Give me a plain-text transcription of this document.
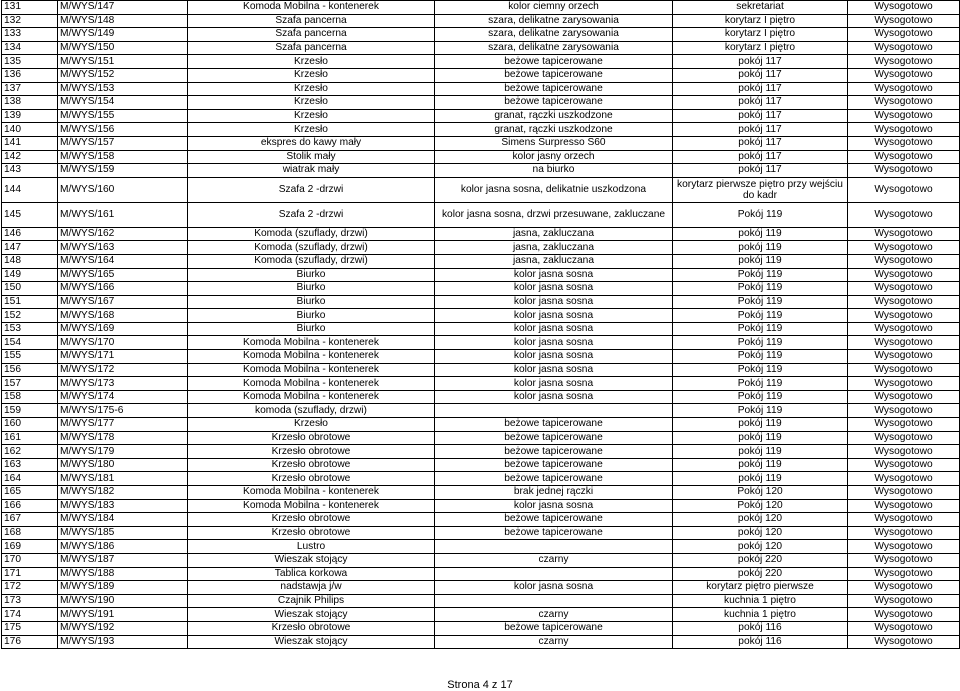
131	M/WYS/147	Komoda Mobilna - kontenerek	kolor ciemny orzech	sekretariat	Wysogotowo
132	M/WYS/148	Szafa pancerna	szara, delikatne zarysowania	korytarz I piętro	Wysogotowo
133	M/WYS/149	Szafa pancerna	szara, delikatne zarysowania	korytarz I piętro	Wysogotowo
134	M/WYS/150	Szafa pancerna	szara, delikatne zarysowania	korytarz I piętro	Wysogotowo
135	M/WYS/151	Krzesło	beżowe tapicerowane	pokój 117	Wysogotowo
136	M/WYS/152	Krzesło	beżowe tapicerowane	pokój 117	Wysogotowo
137	M/WYS/153	Krzesło	beżowe tapicerowane	pokój 117	Wysogotowo
138	M/WYS/154	Krzesło	beżowe tapicerowane	pokój 117	Wysogotowo
139	M/WYS/155	Krzesło	granat, rączki uszkodzone	pokój 117	Wysogotowo
140	M/WYS/156	Krzesło	granat, rączki uszkodzone	pokój 117	Wysogotowo
141	M/WYS/157	ekspres do kawy mały	Simens Surpresso S60	pokój 117	Wysogotowo
142	M/WYS/158	Stolik mały	kolor jasny orzech	pokój 117	Wysogotowo
143	M/WYS/159	wiatrak mały	na biurko	pokój 117	Wysogotowo
144	M/WYS/160	Szafa 2 -drzwi	kolor jasna sosna, delikatnie uszkodzona	korytarz pierwsze piętro przy wejściu do kadr	Wysogotowo
145	M/WYS/161	Szafa 2 -drzwi	kolor jasna sosna, drzwi przesuwane, zakluczane	Pokój 119	Wysogotowo
146	M/WYS/162	Komoda (szuflady, drzwi)	jasna, zakluczana	pokój 119	Wysogotowo
147	M/WYS/163	Komoda (szuflady, drzwi)	jasna, zakluczana	pokój 119	Wysogotowo
148	M/WYS/164	Komoda (szuflady, drzwi)	jasna, zakluczana	pokój 119	Wysogotowo
149	M/WYS/165	Biurko	kolor jasna sosna	Pokój 119	Wysogotowo
150	M/WYS/166	Biurko	kolor jasna sosna	Pokój 119	Wysogotowo
151	M/WYS/167	Biurko	kolor jasna sosna	Pokój 119	Wysogotowo
152	M/WYS/168	Biurko	kolor jasna sosna	Pokój 119	Wysogotowo
153	M/WYS/169	Biurko	kolor jasna sosna	Pokój 119	Wysogotowo
154	M/WYS/170	Komoda Mobilna - kontenerek	kolor jasna sosna	Pokój 119	Wysogotowo
155	M/WYS/171	Komoda Mobilna - kontenerek	kolor jasna sosna	Pokój 119	Wysogotowo
156	M/WYS/172	Komoda Mobilna - kontenerek	kolor jasna sosna	Pokój 119	Wysogotowo
157	M/WYS/173	Komoda Mobilna - kontenerek	kolor jasna sosna	Pokój 119	Wysogotowo
158	M/WYS/174	Komoda Mobilna - kontenerek	kolor jasna sosna	Pokój 119	Wysogotowo
159	M/WYS/175-6	komoda (szuflady, drzwi)		Pokój 119	Wysogotowo
160	M/WYS/177	Krzesło	beżowe tapicerowane	pokój 119	Wysogotowo
161	M/WYS/178	Krzesło obrotowe	beżowe tapicerowane	pokój 119	Wysogotowo
162	M/WYS/179	Krzesło obrotowe	beżowe tapicerowane	pokój 119	Wysogotowo
163	M/WYS/180	Krzesło obrotowe	beżowe tapicerowane	pokój 119	Wysogotowo
164	M/WYS/181	Krzesło obrotowe	beżowe tapicerowane	pokój 119	Wysogotowo
165	M/WYS/182	Komoda Mobilna - kontenerek	brak jednej rączki	Pokój 120	Wysogotowo
166	M/WYS/183	Komoda Mobilna - kontenerek	kolor jasna sosna	Pokój 120	Wysogotowo
167	M/WYS/184	Krzesło obrotowe	beżowe tapicerowane	pokój 120	Wysogotowo
168	M/WYS/185	Krzesło obrotowe	beżowe tapicerowane	pokój 120	Wysogotowo
169	M/WYS/186	Lustro		pokój 120	Wysogotowo
170	M/WYS/187	Wieszak stojący	czarny	pokój 220	Wysogotowo
171	M/WYS/188	Tablica korkowa		pokój 220	Wysogotowo
172	M/WYS/189	nadstawja j/w	kolor jasna sosna	korytarz piętro pierwsze	Wysogotowo
173	M/WYS/190	Czajnik Philips		kuchnia 1 piętro	Wysogotowo
174	M/WYS/191	Wieszak stojący	czarny	kuchnia 1 piętro	Wysogotowo
175	M/WYS/192	Krzesło obrotowe	beżowe tapicerowane	pokój 116	Wysogotowo
176	M/WYS/193	Wieszak stojący	czarny	pokój 116	Wysogotowo
Strona 4 z 17
